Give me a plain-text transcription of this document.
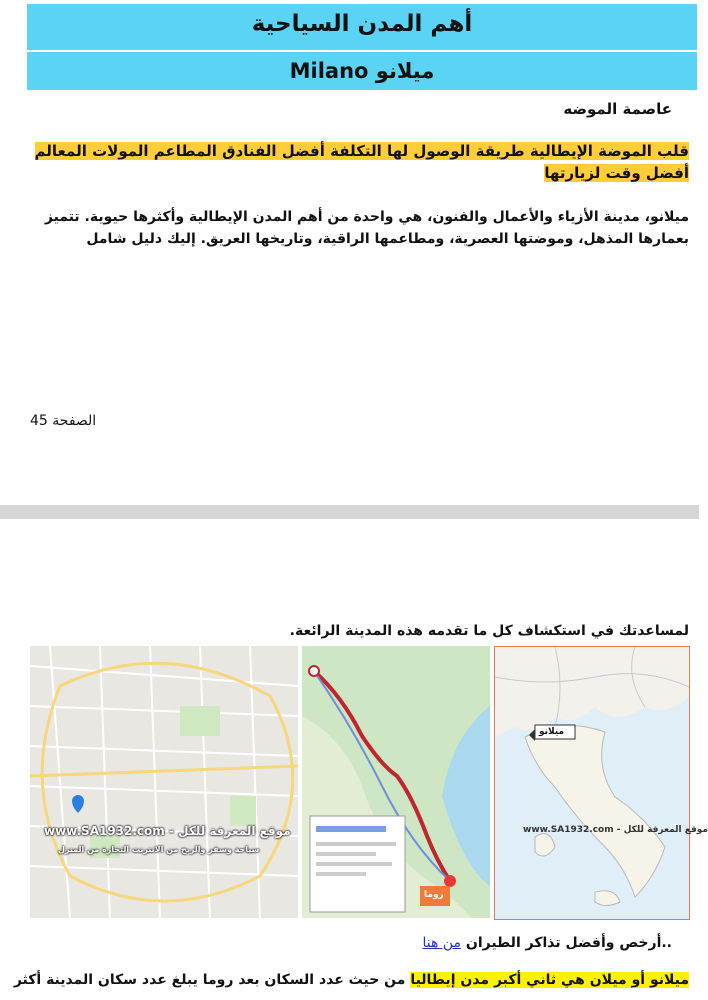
أهم المدن السياحية
ميلانو Milano
عاصمة الموضه
قلب الموضة الإيطالية طريقة الوصول لها التكلفة أفضل الفنادق المطاعم المولات المعالم أفضل وقت لزيارتها
ميلانو، مدينة الأزياء والأعمال والفنون، هي واحدة من أهم المدن الإيطالية وأكثرها حيوية. تتميز بعمارها المذهل، وموضتها العصرية، ومطاعمها الراقية، وتاريخها العريق. إليك دليل شامل
الصفحة 45
لمساعدتك في استكشاف كل ما تقدمه هذه المدينة الرائعة.
موقع المعرفة للكل - www.SA1932.com
سياحة وسفر والربح من الانترنت التجارة من المنزل
روما
ميلانو
موقع المعرفة للكل - www.SA1932.com
..أرخص وأفضل تذاكر الطيران من هنا
ميلانو أو ميلان هي ثاني أكبر مدن إيطاليا من حيث عدد السكان بعد روما يبلغ عدد سكان المدينة أكثر
